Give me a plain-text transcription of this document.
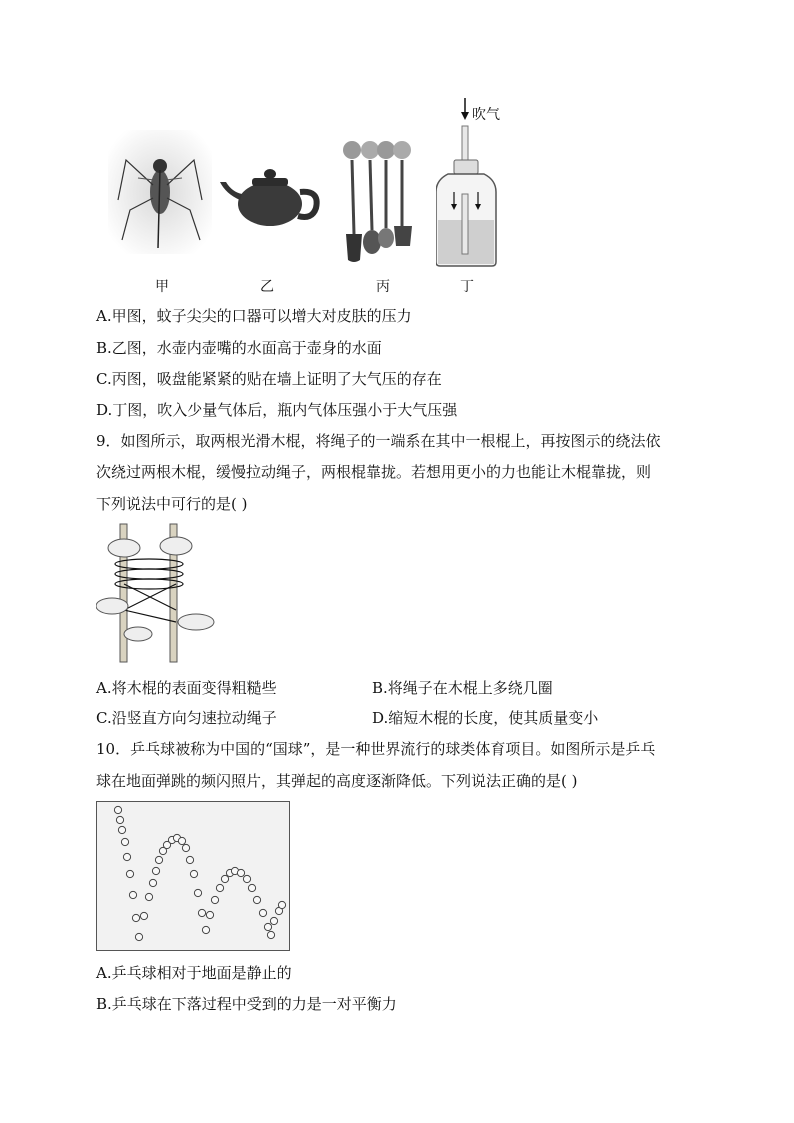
吹气
甲	乙	丙	丁
A.甲图，蚊子尖尖的口器可以增大对皮肤的压力
B.乙图，水壶内壶嘴的水面高于壶身的水面
C.丙图，吸盘能紧紧的贴在墙上证明了大气压的存在
D.丁图，吹入少量气体后，瓶内气体压强小于大气压强
9．如图所示，取两根光滑木棍，将绳子的一端系在其中一根棍上，再按图示的绕法依
次绕过两根木棍，缓慢拉动绳子，两根棍靠拢。若想用更小的力也能让木棍靠拢，则
下列说法中可行的是( )
A.将木棍的表面变得粗糙些	B.将绳子在木棍上多绕几圈
C.沿竖直方向匀速拉动绳子	D.缩短木棍的长度，使其质量变小
10．乒乓球被称为中国的“国球”，是一种世界流行的球类体育项目。如图所示是乒乓
球在地面弹跳的频闪照片，其弹起的高度逐渐降低。下列说法正确的是( )
A.乒乓球相对于地面是静止的
B.乒乓球在下落过程中受到的力是一对平衡力
